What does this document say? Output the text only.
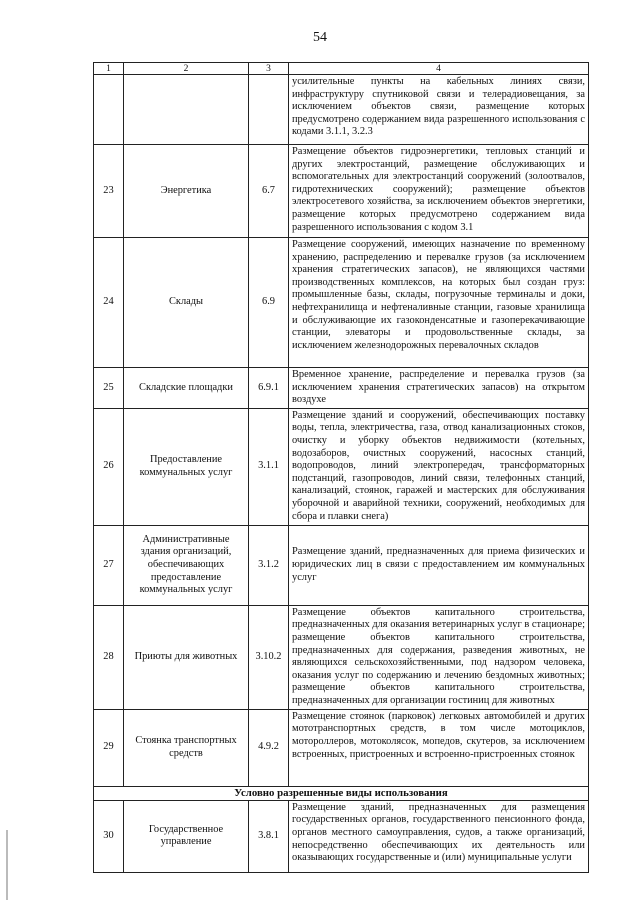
54
1	2	3	4
			усилительные пункты на кабельных линиях связи, инфраструктуру спутниковой связи и телерадиовещания, за исключением объектов связи, размещение которых предусмотрено содержанием вида разрешенного использования с кодами 3.1.1, 3.2.3
23	Энергетика	6.7	Размещение объектов гидроэнергетики, тепловых станций и других электростанций, размещение обслуживающих и вспомогательных для электростанций сооружений (золоотвалов, гидротехнических сооружений); размещение объектов электросетевого хозяйства, за исключением объектов энергетики, размещение которых предусмотрено содержанием вида разрешенного использования с кодом 3.1
24	Склады	6.9	Размещение сооружений, имеющих назначение по временному хранению, распределению и перевалке грузов (за исключением хранения стратегических запасов), не являющихся частями производственных комплексов, на которых был создан груз: промышленные базы, склады, погрузочные терминалы и доки, нефтехранилища и нефтеналивные станции, газовые хранилища и обслуживающие их газоконденсатные и газоперекачивающие станции, элеваторы и продовольственные склады, за исключением железнодорожных перевалочных складов
25	Складские площадки	6.9.1	Временное хранение, распределение и перевалка грузов (за исключением хранения стратегических запасов) на открытом воздухе
26	Предоставление коммунальных услуг	3.1.1	Размещение зданий и сооружений, обеспечивающих поставку воды, тепла, электричества, газа, отвод канализационных стоков, очистку и уборку объектов недвижимости (котельных, водозаборов, очистных сооружений, насосных станций, водопроводов, линий электропередач, трансформаторных подстанций, газопроводов, линий связи, телефонных станций, канализаций, стоянок, гаражей и мастерских для обслуживания уборочной и аварийной техники, сооружений, необходимых для сбора и плавки снега)
27	Административные здания организаций, обеспечивающих предоставление коммунальных услуг	3.1.2	Размещение зданий, предназначенных для приема физических и юридических лиц в связи с предоставлением им коммунальных услуг
28	Приюты для животных	3.10.2	Размещение объектов капитального строительства, предназначенных для оказания ветеринарных услуг в стационаре; размещение объектов капитального строительства, предназначенных для содержания, разведения животных, не являющихся сельскохозяйственными, под надзором человека, оказания услуг по содержанию и лечению бездомных животных; размещение объектов капитального строительства, предназначенных для организации гостиниц для животных
29	Стоянка транспортных средств	4.9.2	Размещение стоянок (парковок) легковых автомобилей и других мототранспортных средств, в том числе мотоциклов, мотороллеров, мотоколясок, мопедов, скутеров, за исключением встроенных, пристроенных и встроенно-пристроенных стоянок
Условно разрешенные виды использования			
30	Государственное управление	3.8.1	Размещение зданий, предназначенных для размещения государственных органов, государственного пенсионного фонда, органов местного самоуправления, судов, а также организаций, непосредственно обеспечивающих их деятельность или оказывающих государственные и (или) муниципальные услуги
